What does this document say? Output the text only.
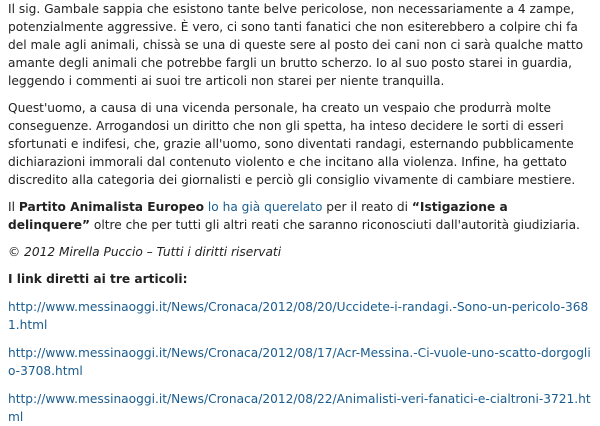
Il sig. Gambale sappia che esistono tante belve pericolose, non necessariamente a 4 zampe, potenzialmente aggressive. È vero, ci sono tanti fanatici che non esiterebbero a colpire chi fa del male agli animali, chissà se una di queste sere al posto dei cani non ci sarà qualche matto amante degli animali che potrebbe fargli un brutto scherzo. Io al suo posto starei in guardia, leggendo i commenti ai suoi tre articoli non starei per niente tranquilla.

Quest'uomo, a causa di una vicenda personale, ha creato un vespaio che produrrà molte conseguenze. Arrogandosi un diritto che non gli spetta, ha inteso decidere le sorti di esseri sfortunati e indifesi, che, grazie all'uomo, sono diventati randagi, esternando pubblicamente dichiarazioni immorali dal contenuto violento e che incitano alla violenza. Infine, ha gettato discredito alla categoria dei giornalisti e perciò gli consiglio vivamente di cambiare mestiere.

Il Partito Animalista Europeo lo ha già querelato per il reato di “Istigazione a delinquere” oltre che per tutti gli altri reati che saranno riconosciuti dall'autorità giudiziaria.

© 2012 Mirella Puccio – Tutti i diritti riservati

I link diretti ai tre articoli:
http://www.messinaoggi.it/News/Cronaca/2012/08/20/Uccidete-i-randagi.-Sono-un-pericolo-3681.html
http://www.messinaoggi.it/News/Cronaca/2012/08/17/Acr-Messina.-Ci-vuole-uno-scatto-dorgoglio-3708.html
http://www.messinaoggi.it/News/Cronaca/2012/08/22/Animalisti-veri-fanatici-e-cialtroni-3721.html
